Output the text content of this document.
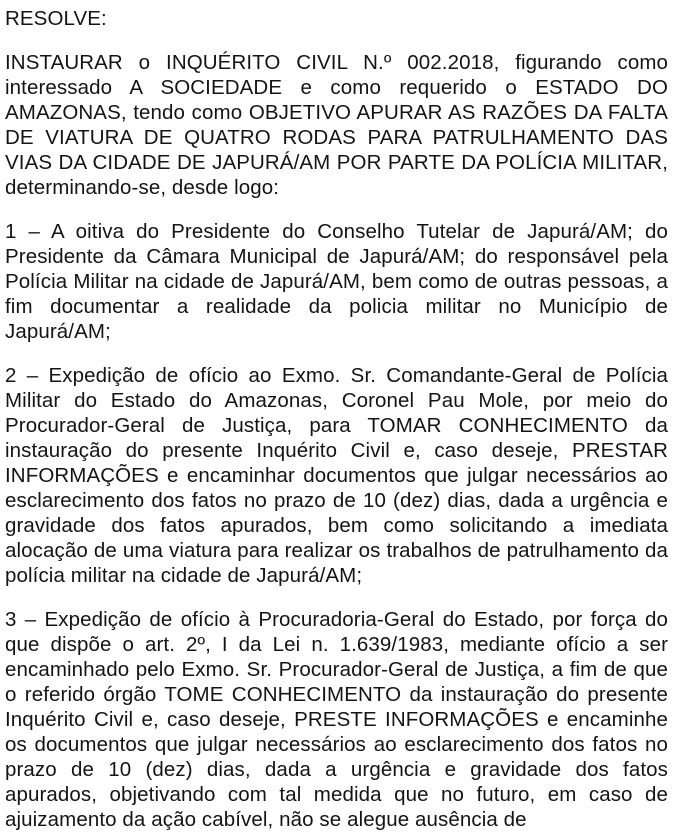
RESOLVE:
INSTAURAR o INQUÉRITO CIVIL N.º 002.2018, figurando como
interessado A SOCIEDADE e como requerido o ESTADO DO
AMAZONAS, tendo como OBJETIVO APURAR AS RAZÕES DA FALTA
DE VIATURA DE QUATRO RODAS PARA PATRULHAMENTO DAS
VIAS DA CIDADE DE JAPURÁ/AM POR PARTE DA POLÍCIA MILITAR,
determinando-se, desde logo:
1 – A oitiva do Presidente do Conselho Tutelar de Japurá/AM; do
Presidente da Câmara Municipal de Japurá/AM; do responsável pela
Polícia Militar na cidade de Japurá/AM, bem como de outras pessoas, a
fim documentar a realidade da policia militar no Município de
Japurá/AM;
2 – Expedição de ofício ao Exmo. Sr. Comandante-Geral de Polícia
Militar do Estado do Amazonas, Coronel Pau Mole, por meio do
Procurador-Geral de Justiça, para TOMAR CONHECIMENTO da
instauração do presente Inquérito Civil e, caso deseje, PRESTAR
INFORMAÇÕES e encaminhar documentos que julgar necessários ao
esclarecimento dos fatos no prazo de 10 (dez) dias, dada a urgência e
gravidade dos fatos apurados, bem como solicitando a imediata
alocação de uma viatura para realizar os trabalhos de patrulhamento da
polícia militar na cidade de Japurá/AM;
3 – Expedição de ofício à Procuradoria-Geral do Estado, por força do
que dispõe o art. 2º, I da Lei n. 1.639/1983, mediante ofício a ser
encaminhado pelo Exmo. Sr. Procurador-Geral de Justiça, a fim de que
o referido órgão TOME CONHECIMENTO da instauração do presente
Inquérito Civil e, caso deseje, PRESTE INFORMAÇÕES e encaminhe
os documentos que julgar necessários ao esclarecimento dos fatos no
prazo de 10 (dez) dias, dada a urgência e gravidade dos fatos
apurados, objetivando com tal medida que no futuro, em caso de
ajuizamento da ação cabível, não se alegue ausência de
